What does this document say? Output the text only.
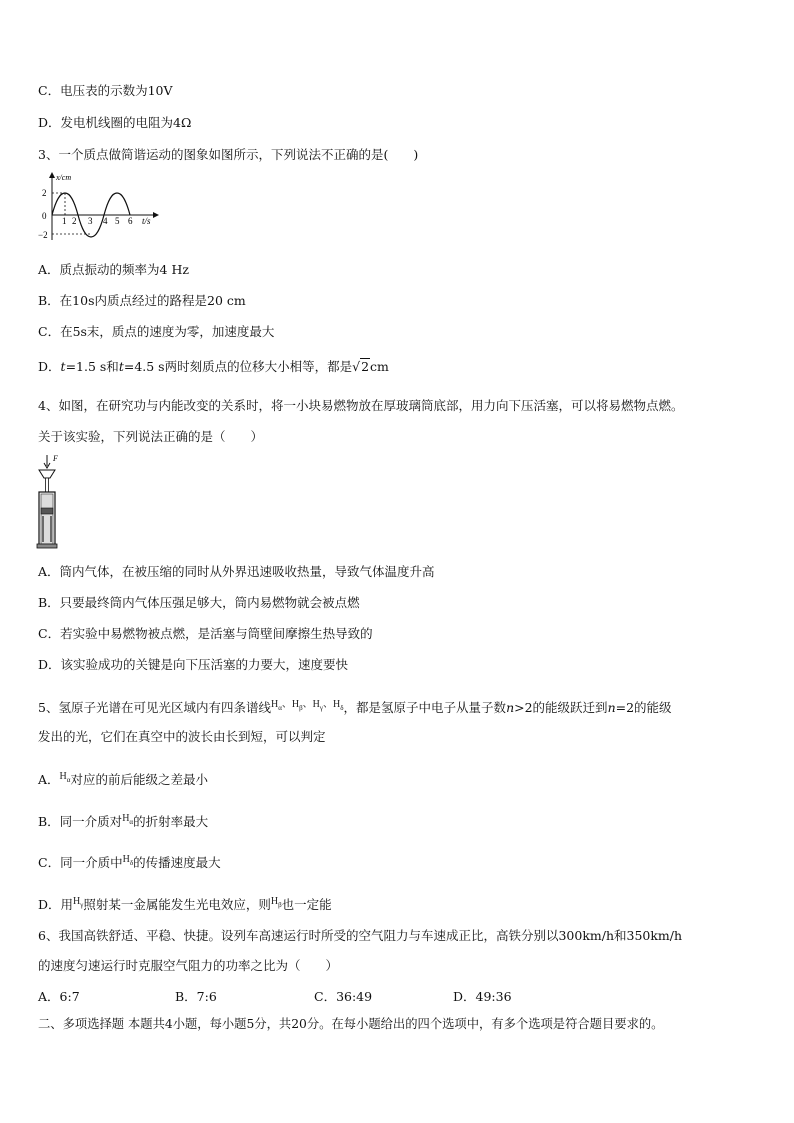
C．电压表的示数为10V
D．发电机线圈的电阻为4Ω
3、一个质点做简谐运动的图象如图所示，下列说法不正确的是(　　)
x/cm
2
0
−2
1 2 3 4 5 6 t/s
A．质点振动的频率为4 Hz
B．在10s内质点经过的路程是20 cm
C．在5s末，质点的速度为零，加速度最大
D．t=1.5 s和t=4.5 s两时刻质点的位移大小相等，都是√2cm
4、如图，在研究功与内能改变的关系时，将一小块易燃物放在厚玻璃筒底部，用力向下压活塞，可以将易燃物点燃。
关于该实验，下列说法正确的是（　　）
F
A．筒内气体，在被压缩的同时从外界迅速吸收热量，导致气体温度升高
B．只要最终筒内气体压强足够大，筒内易燃物就会被点燃
C．若实验中易燃物被点燃，是活塞与筒壁间摩擦生热导致的
D．该实验成功的关键是向下压活塞的力要大，速度要快
5、氢原子光谱在可见光区域内有四条谱线$^{H_\alpha、H_\beta、H_\gamma、H_\delta}$，都是氢原子中电子从量子数n>2的能级跃迁到n=2的能级
发出的光，它们在真空中的波长由长到短，可以判定
A．$^{H_\alpha}$对应的前后能级之差最小
B．同一介质对$^{H_\alpha}$的折射率最大
C．同一介质中$^{H_\delta}$的传播速度最大
D．用$^{H_\gamma}$照射某一金属能发生光电效应，则$^{H_\beta}$也一定能
6、我国高铁舒适、平稳、快捷。设列车高速运行时所受的空气阻力与车速成正比，高铁分别以300km/h和350km/h
的速度匀速运行时克服空气阻力的功率之比为（　　）
A．6:7	B．7:6	C．36:49	D．49:36
二、多项选择题 本题共4小题，每小题5分，共20分。在每小题给出的四个选项中，有多个选项是符合题目要求的。
